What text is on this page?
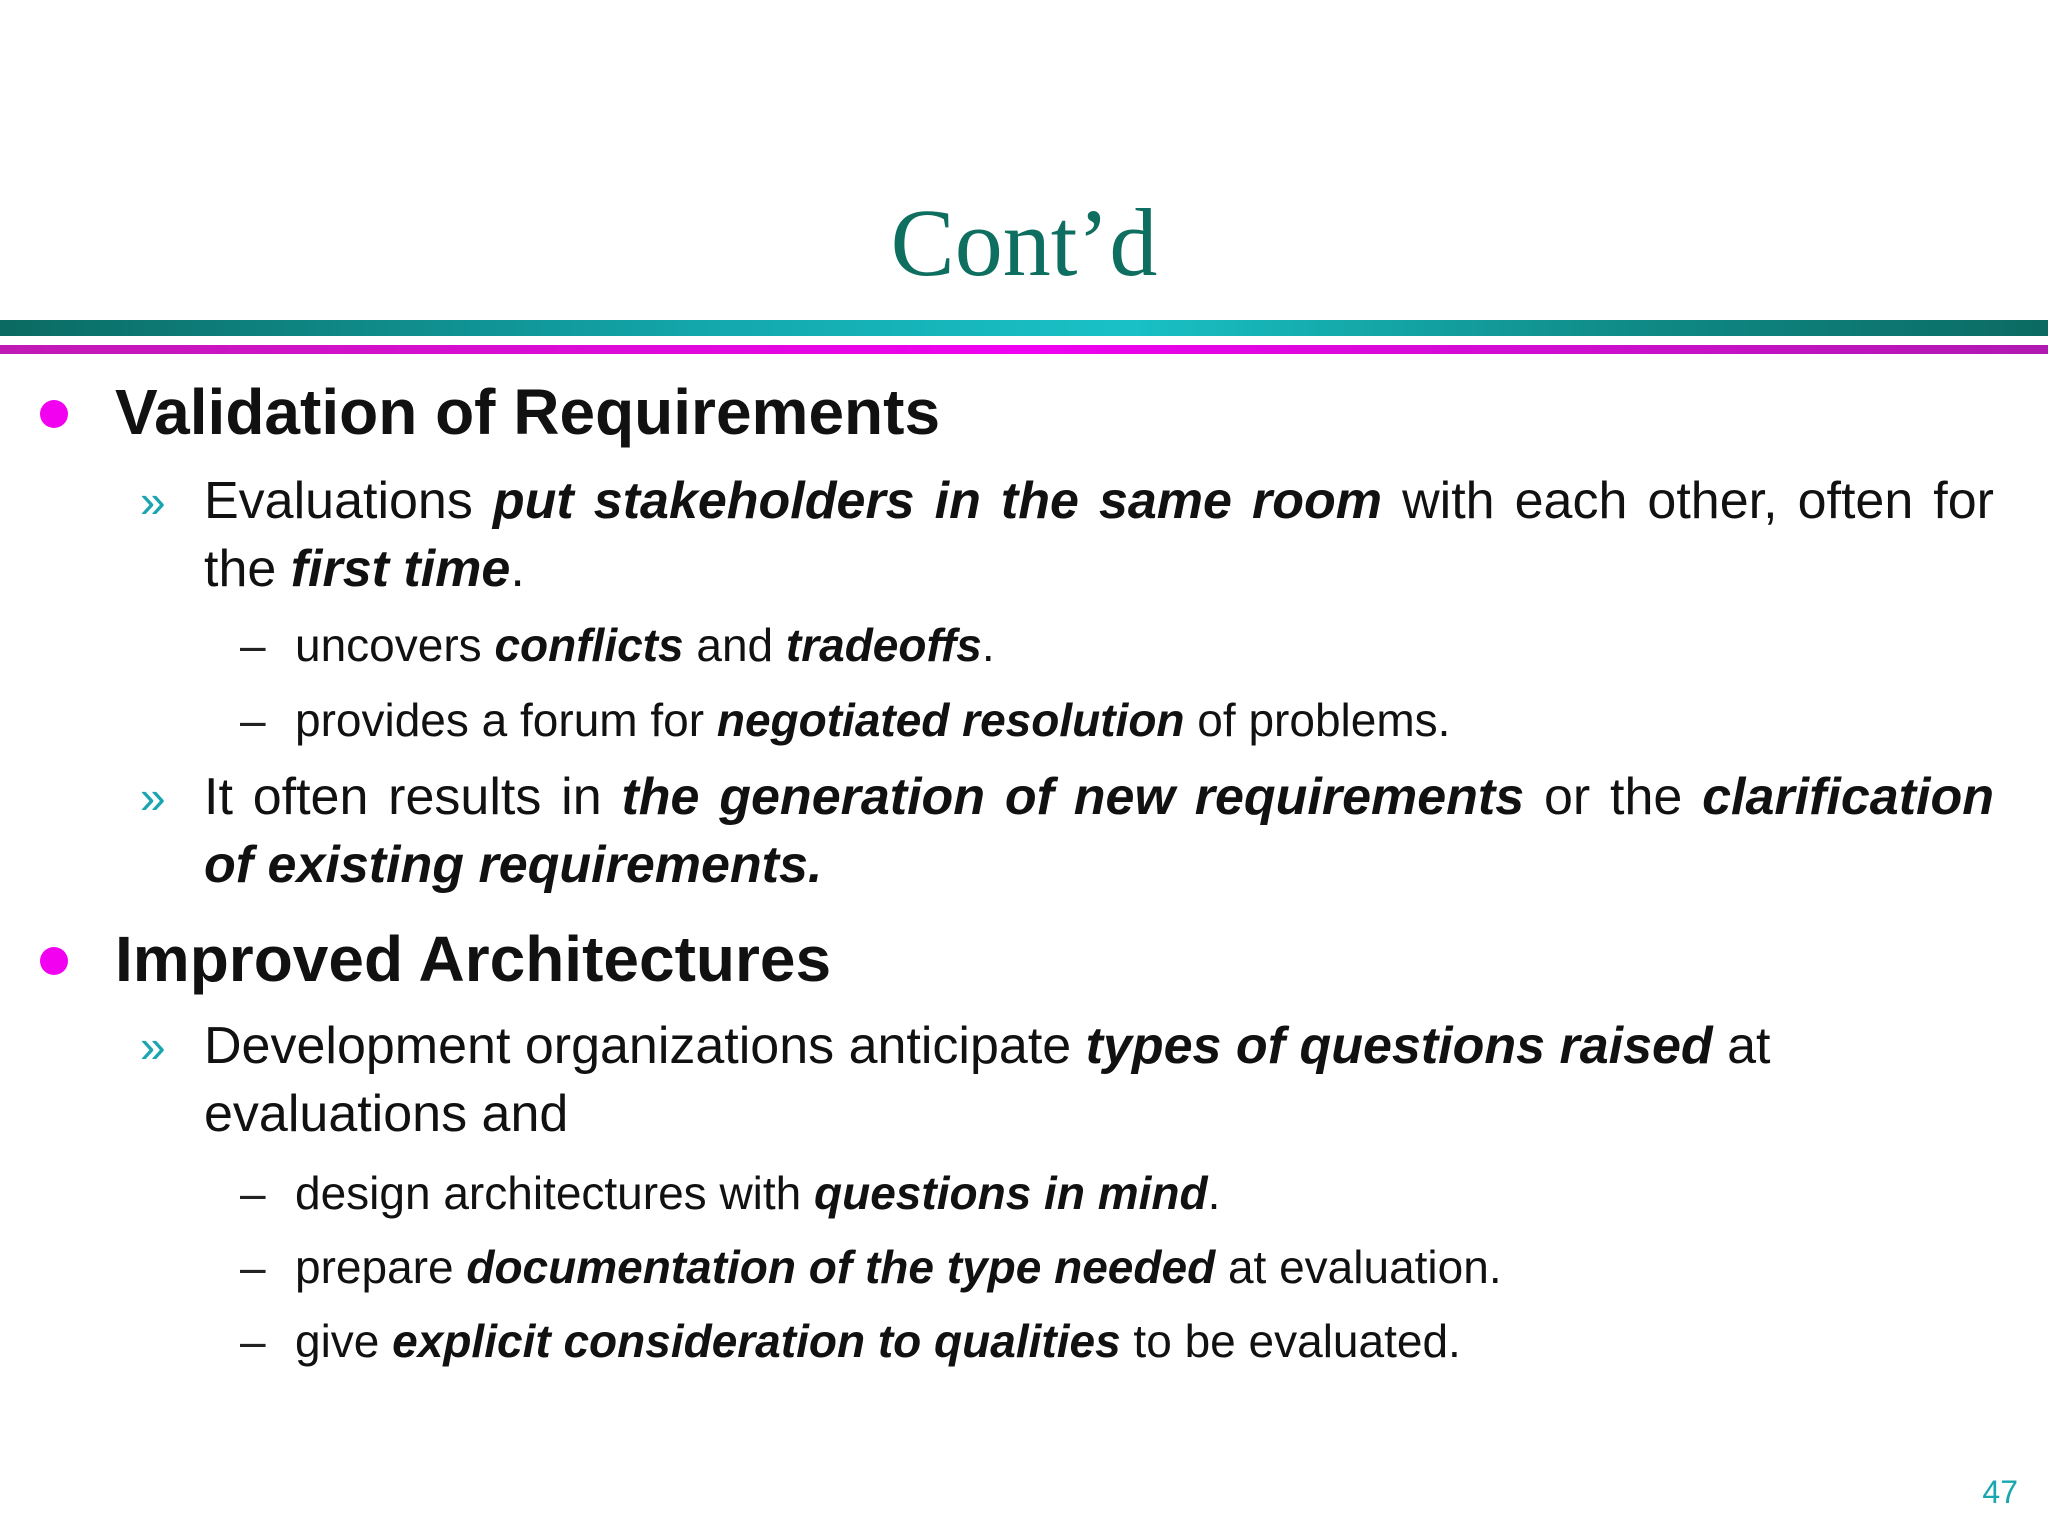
Cont’d
Validation of Requirements
» Evaluations put stakeholders in the same room with each other, often for the first time.
– uncovers conflicts and tradeoffs.
– provides a forum for negotiated resolution of problems.
» It often results in the generation of new requirements or the clarification of existing requirements.
Improved Architectures
» Development organizations anticipate types of questions raised at evaluations and
– design architectures with questions in mind.
– prepare documentation of the type needed at evaluation.
– give explicit consideration to qualities to be evaluated.
47
